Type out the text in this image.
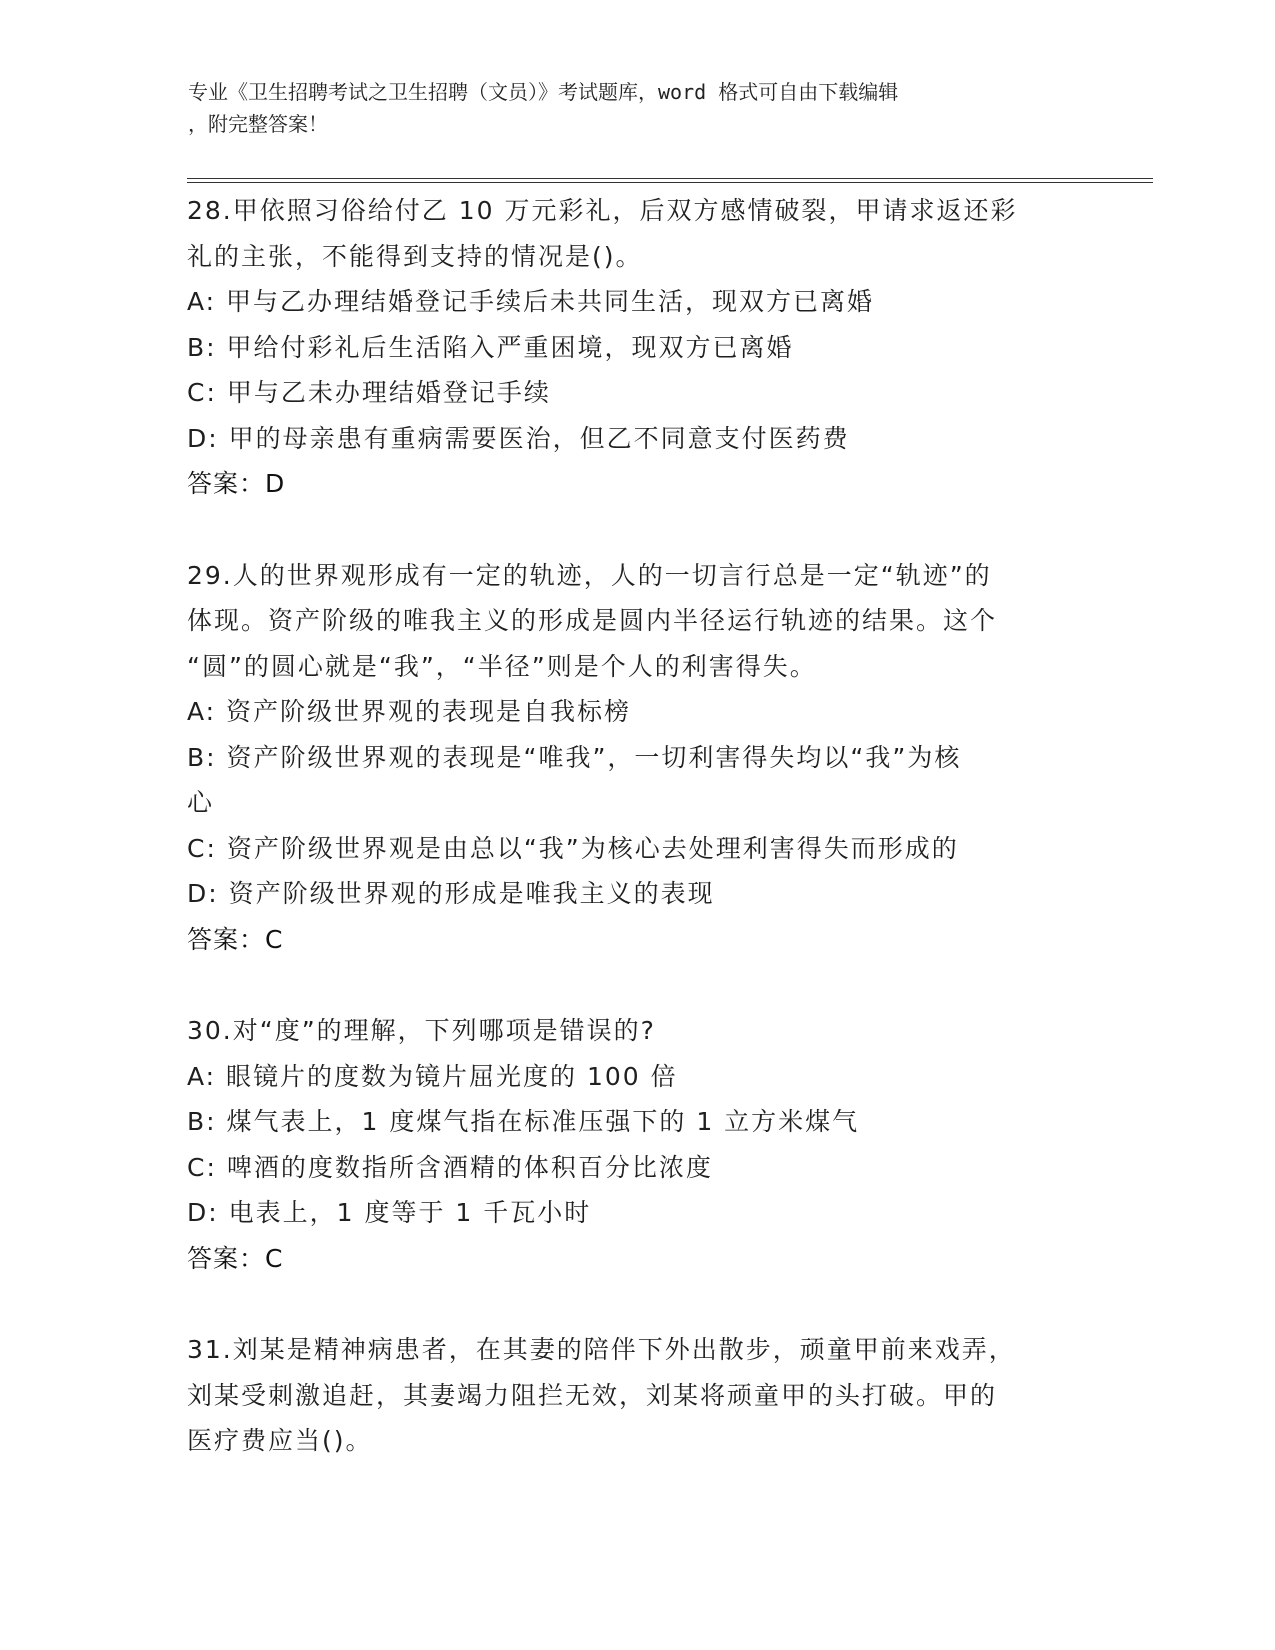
专业《卫生招聘考试之卫生招聘（文员）》考试题库，word 格式可自由下载编辑
，附完整答案！
28.甲依照习俗给付乙 10 万元彩礼，后双方感情破裂，甲请求返还彩
礼的主张，不能得到支持的情况是()。
A: 甲与乙办理结婚登记手续后未共同生活，现双方已离婚
B: 甲给付彩礼后生活陷入严重困境，现双方已离婚
C: 甲与乙未办理结婚登记手续
D: 甲的母亲患有重病需要医治，但乙不同意支付医药费
答案：D
29.人的世界观形成有一定的轨迹，人的一切言行总是一定“轨迹”的
体现。资产阶级的唯我主义的形成是圆内半径运行轨迹的结果。这个
“圆”的圆心就是“我”，“半径”则是个人的利害得失。
A: 资产阶级世界观的表现是自我标榜
B: 资产阶级世界观的表现是“唯我”，一切利害得失均以“我”为核
心
C: 资产阶级世界观是由总以“我”为核心去处理利害得失而形成的
D: 资产阶级世界观的形成是唯我主义的表现
答案：C
30.对“度”的理解，下列哪项是错误的?
A: 眼镜片的度数为镜片屈光度的 100 倍
B: 煤气表上，1 度煤气指在标准压强下的 1 立方米煤气
C: 啤酒的度数指所含酒精的体积百分比浓度
D: 电表上，1 度等于 1 千瓦小时
答案：C
31.刘某是精神病患者，在其妻的陪伴下外出散步，顽童甲前来戏弄，
刘某受刺激追赶，其妻竭力阻拦无效，刘某将顽童甲的头打破。甲的
医疗费应当()。
